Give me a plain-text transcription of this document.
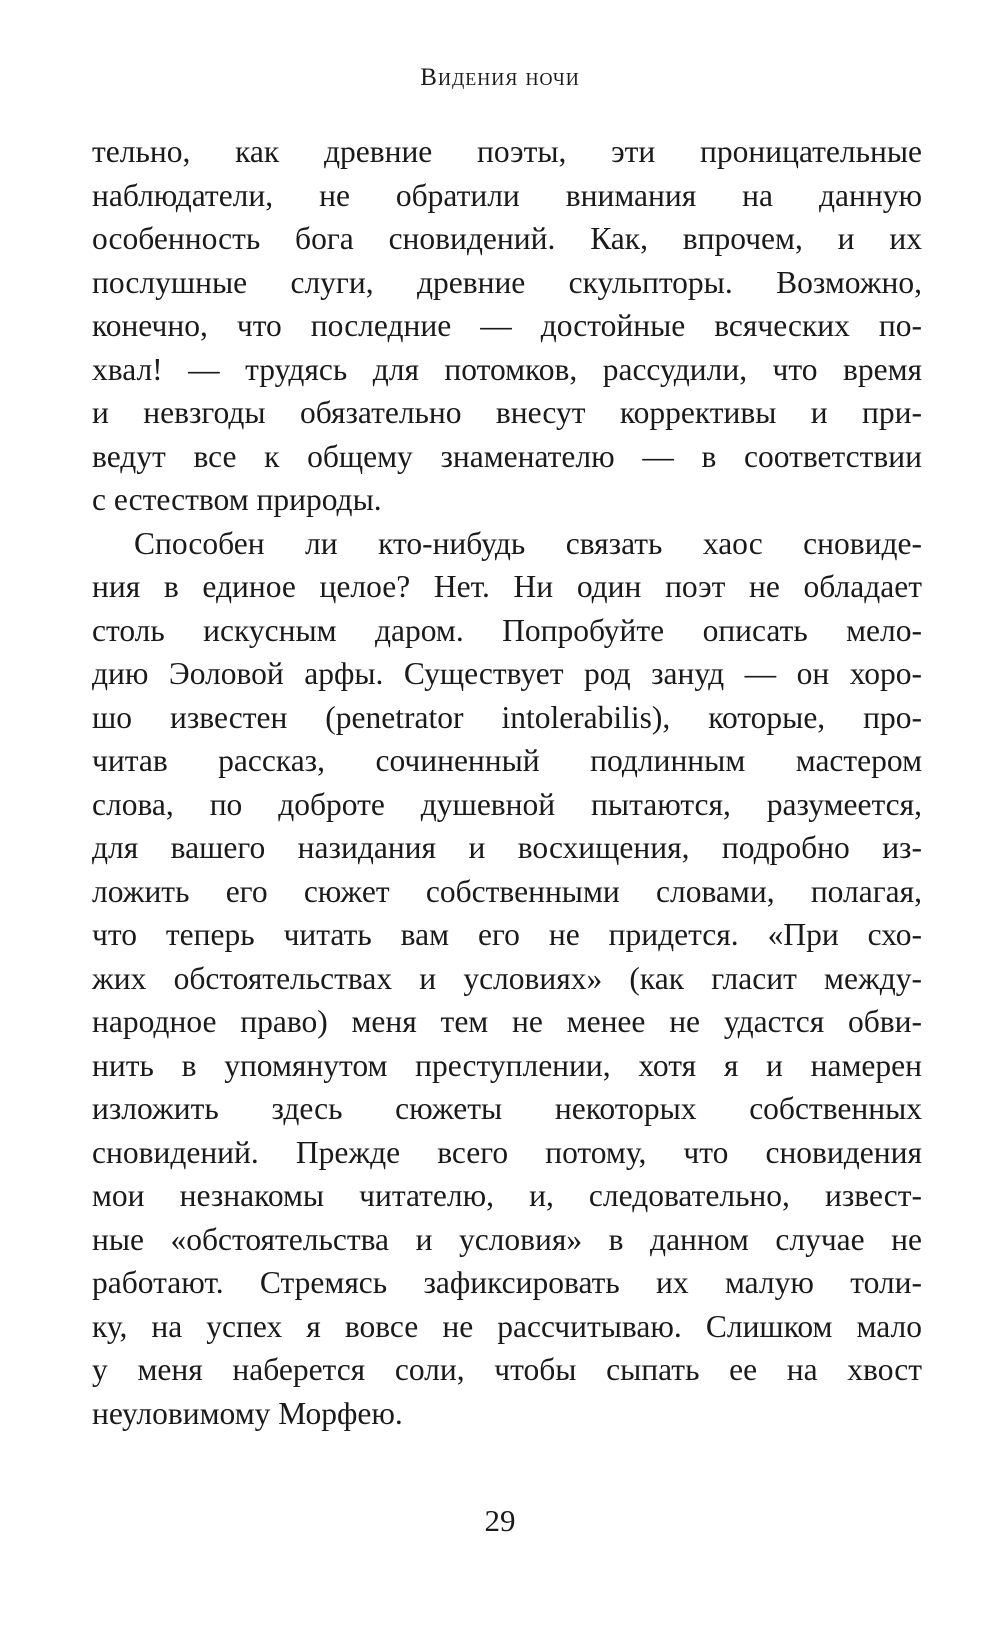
Видения ночи
тельно, как древние поэты, эти проницательные
наблюдатели, не обратили внимания на данную
особенность бога сновидений. Как, впрочем, и их
послушные слуги, древние скульпторы. Возможно,
конечно, что последние — достойные всяческих по-
хвал! — трудясь для потомков, рассудили, что время
и невзгоды обязательно внесут коррективы и при-
ведут все к общему знаменателю — в соответствии
с естеством природы.
Способен ли кто-нибудь связать хаос сновиде-
ния в единое целое? Нет. Ни один поэт не обладает
столь искусным даром. Попробуйте описать мело-
дию Эоловой арфы. Существует род зануд — он хоро-
шо известен (penetrator intolerabilis), которые, про-
читав рассказ, сочиненный подлинным мастером
слова, по доброте душевной пытаются, разумеется,
для вашего назидания и восхищения, подробно из-
ложить его сюжет собственными словами, полагая,
что теперь читать вам его не придется. «При схо-
жих обстоятельствах и условиях» (как гласит между-
народное право) меня тем не менее не удастся обви-
нить в упомянутом преступлении, хотя я и намерен
изложить здесь сюжеты некоторых собственных
сновидений. Прежде всего потому, что сновидения
мои незнакомы читателю, и, следовательно, извест-
ные «обстоятельства и условия» в данном случае не
работают. Стремясь зафиксировать их малую толи-
ку, на успех я вовсе не рассчитываю. Слишком мало
у меня наберется соли, чтобы сыпать ее на хвост
неуловимому Морфею.
29
